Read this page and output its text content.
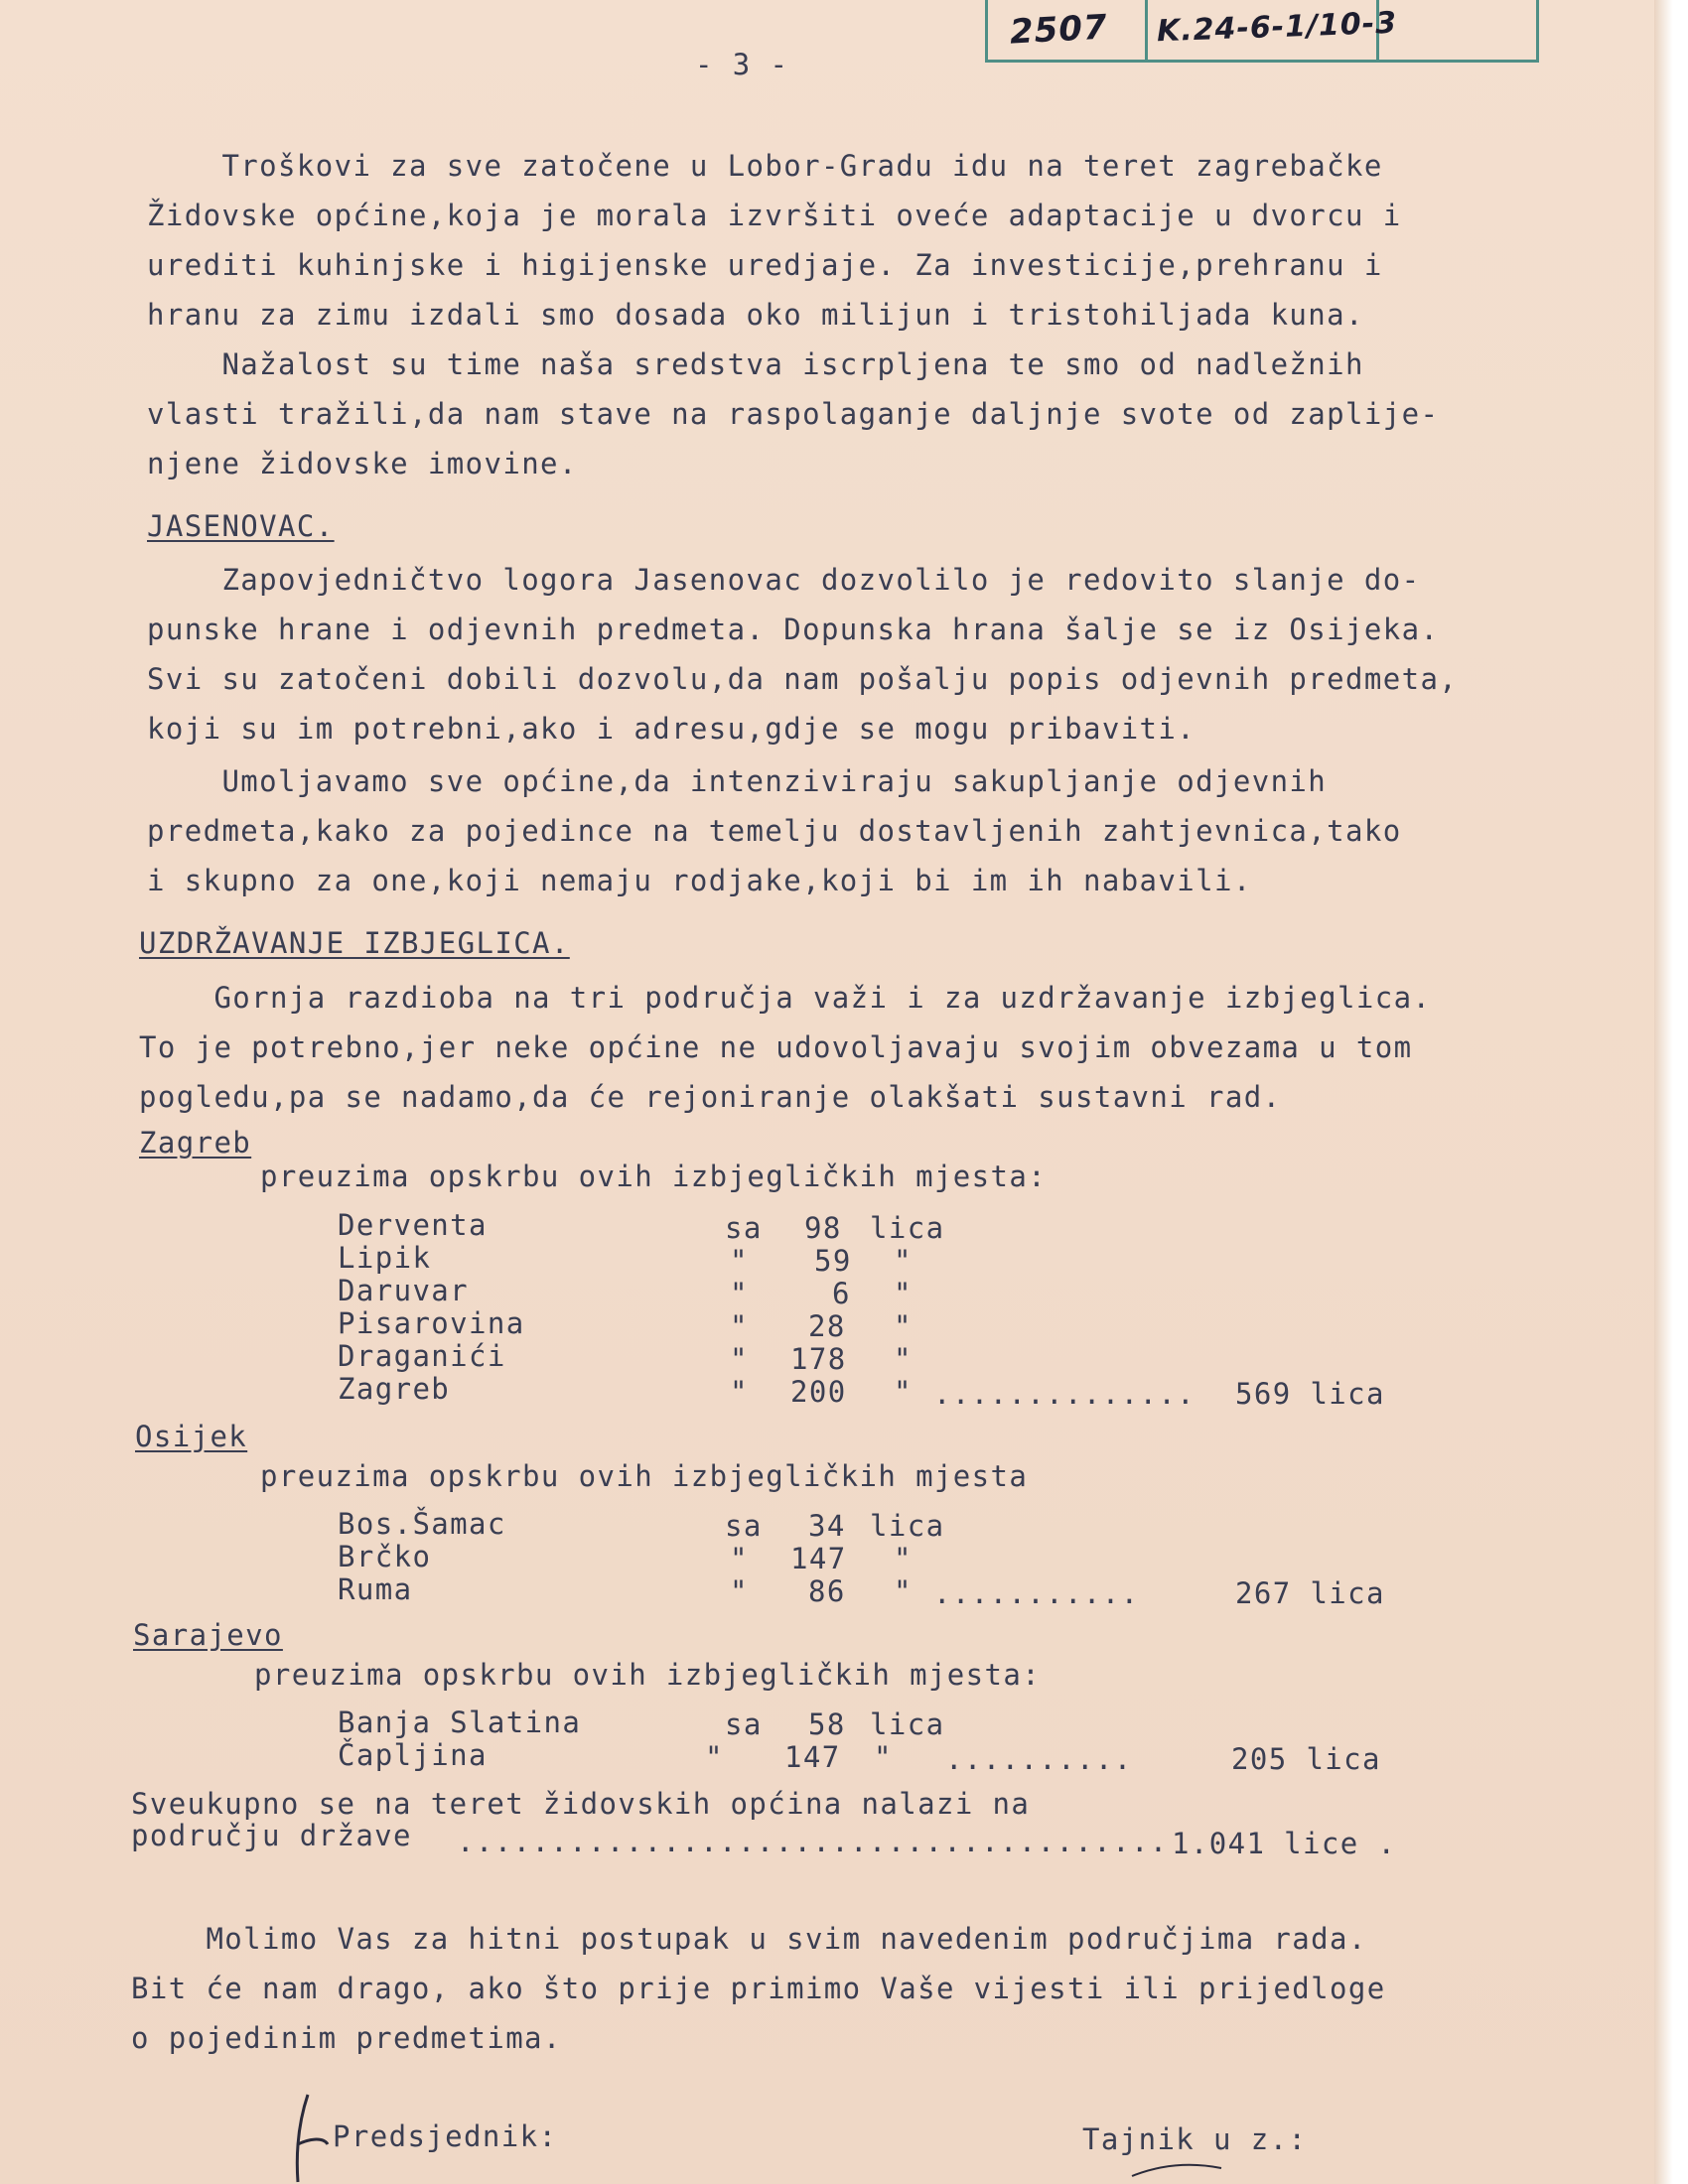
2507 K.24-6-1/10-3
- 3 -
Troškovi za sve zatočene u Lobor-Gradu idu na teret zagrebačke
Židovske općine,koja je morala izvršiti oveće adaptacije u dvorcu i
urediti kuhinjske i higijenske uredjaje. Za investicije,prehranu i
hranu za zimu izdali smo dosada oko milijun i tristohiljada kuna.
Nažalost su time naša sredstva iscrpljena te smo od nadležnih
vlasti tražili,da nam stave na raspolaganje daljnje svote od zaplije-
njene židovske imovine.
JASENOVAC.
Zapovjedničtvo logora Jasenovac dozvolilo je redovito slanje do-
punske hrane i odjevnih predmeta. Dopunska hrana šalje se iz Osijeka.
Svi su zatočeni dobili dozvolu,da nam pošalju popis odjevnih predmeta,
koji su im potrebni,ako i adresu,gdje se mogu pribaviti.
Umoljavamo sve općine,da intenziviraju sakupljanje odjevnih
predmeta,kako za pojedince na temelju dostavljenih zahtjevnica,tako
i skupno za one,koji nemaju rodjake,koji bi im ih nabavili.
UZDRŽAVANJE IZBJEGLICA.
Gornja razdioba na tri područja važi i za uzdržavanje izbjeglica.
To je potrebno,jer neke općine ne udovoljavaju svojim obvezama u tom
pogledu,pa se nadamo,da će rejoniranje olakšati sustavni rad.
Zagreb
preuzima opskrbu ovih izbjegličkih mjesta:
Derventa	sa 98 lica
Lipik	" 59 "
Daruvar	"	6 "
Pisarovina	" 28 "
Draganići	" 178 "
Zagreb	" 200 " .............. 569 lica
Osijek
preuzima opskrbu ovih izbjegličkih mjesta
Bos.Šamac	sa 34 lica
Brčko	" 147 "
Ruma	" 86 " ...........	267 lica
Sarajevo
preuzima opskrbu ovih izbjegličkih mjesta:
Banja Slatina	sa 58 lica
Čapljina	" 147 " ..........	205 lica
Sveukupno se na teret židovskih općina nalazi na
području države ...................................... 1.041 lice .
Molimo Vas za hitni postupak u svim navedenim područjima rada.
Bit će nam drago, ako što prije primimo Vaše vijesti ili prijedloge
o pojedinim predmetima.
Predsjednik:	Tajnik u z.:
